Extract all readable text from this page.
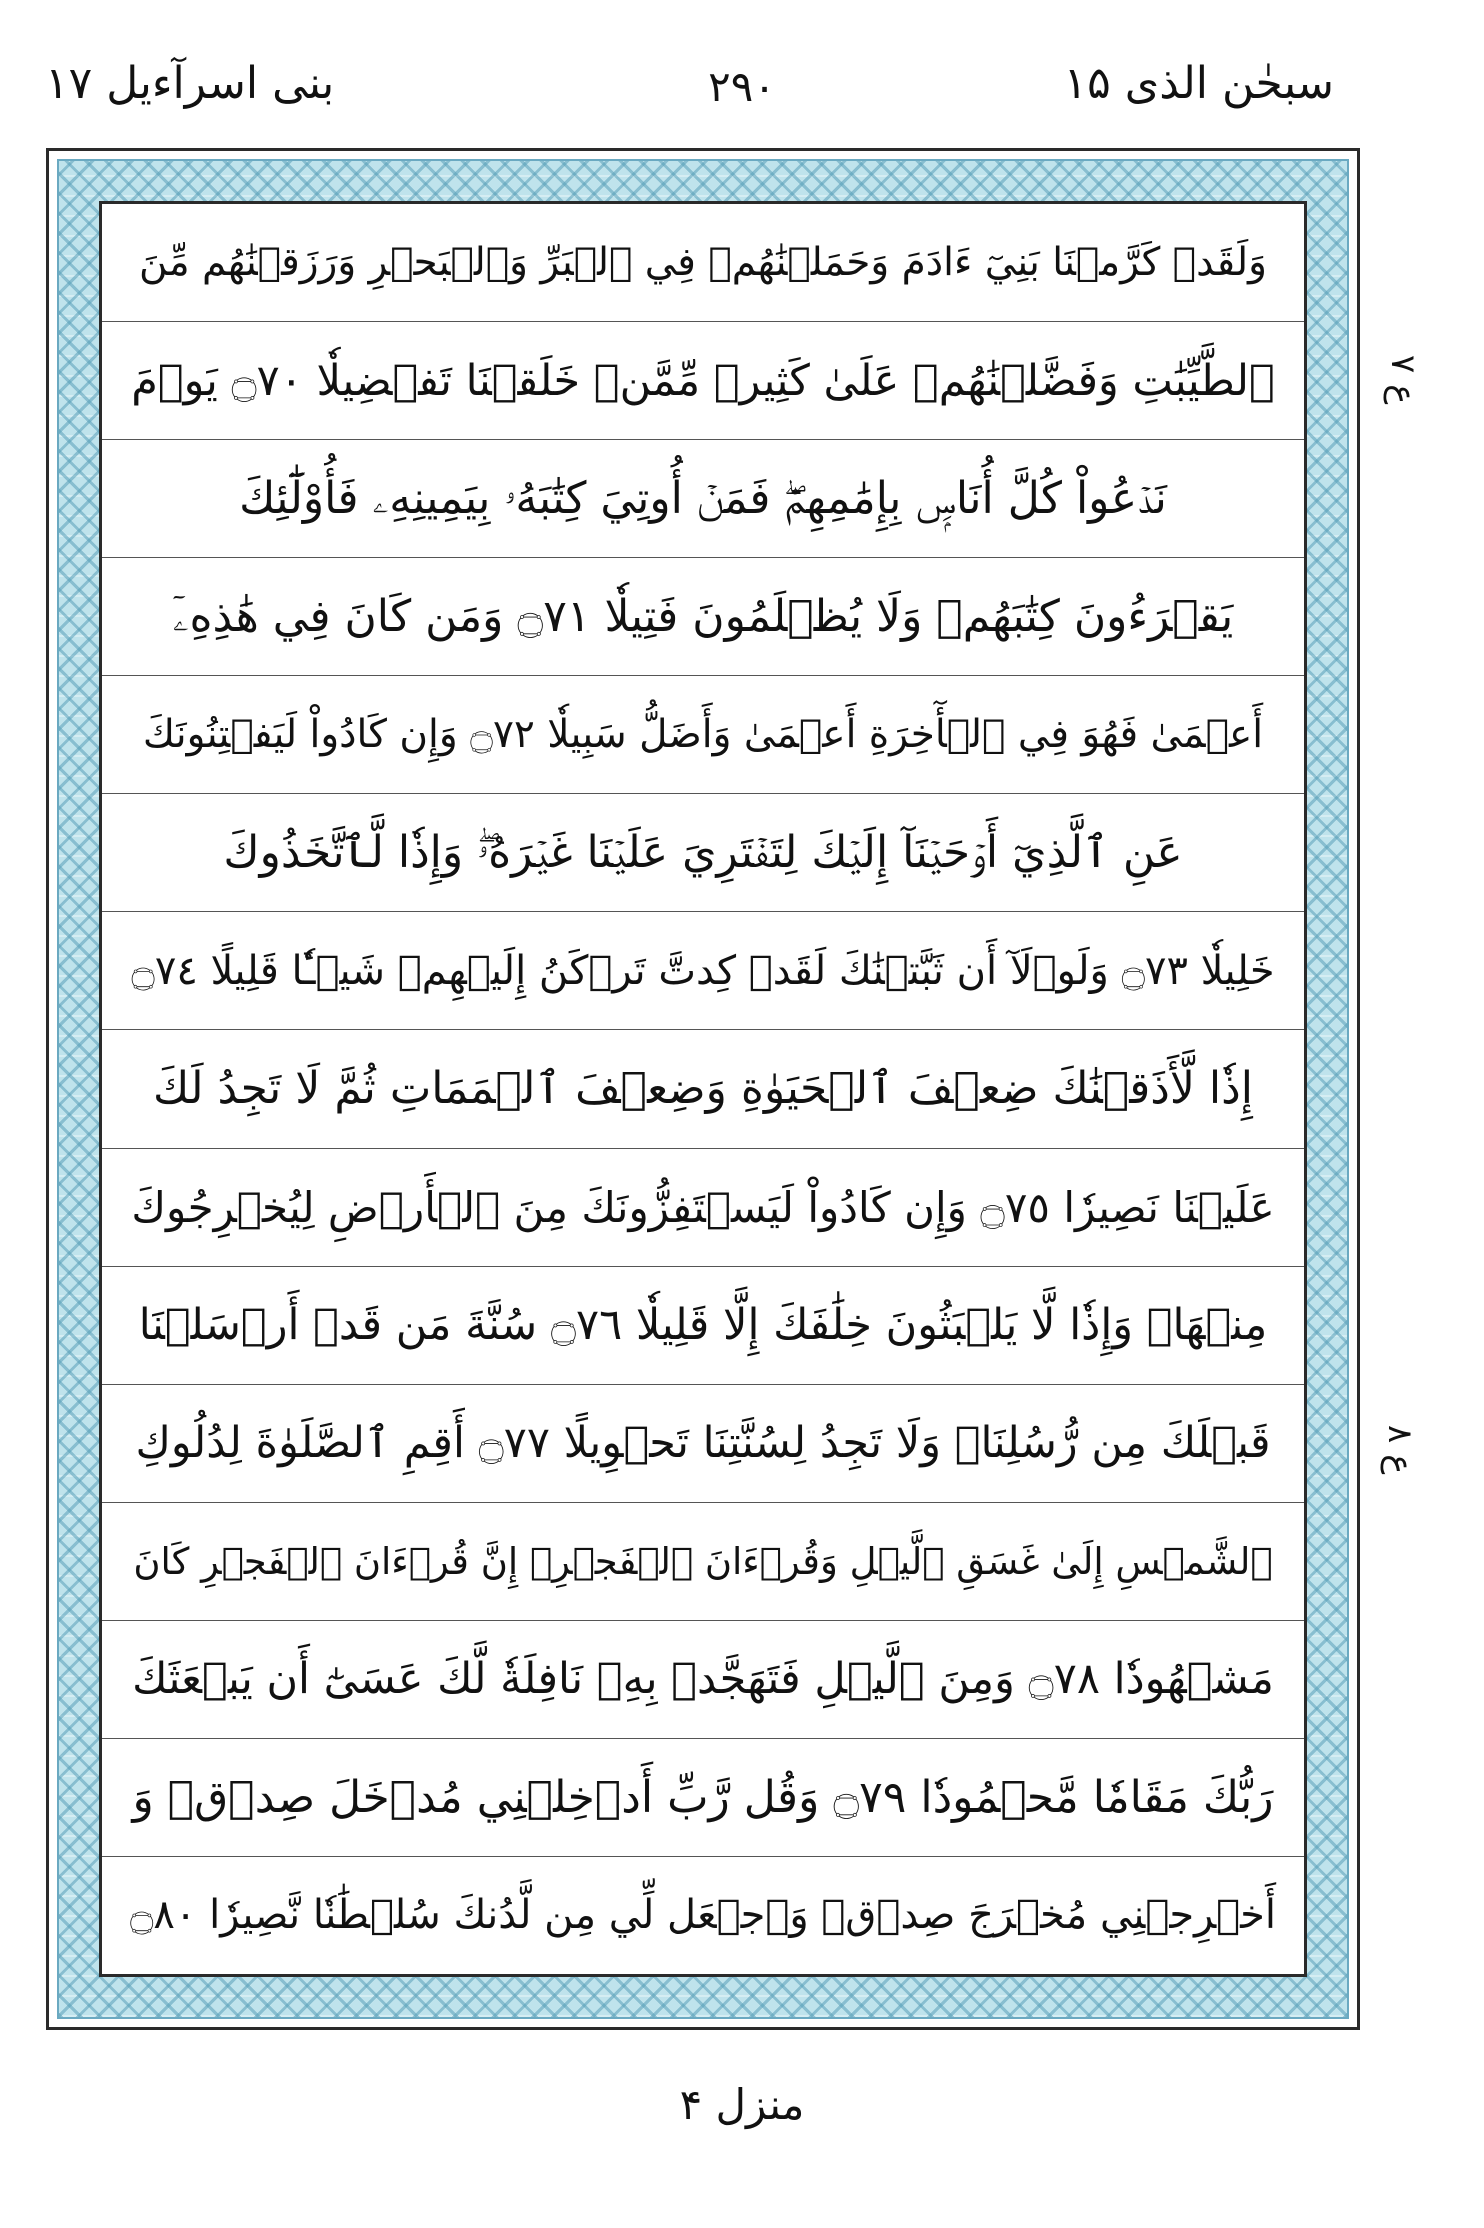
سبحٰن الذی ۱۵
۲۹۰
بنی اسرآءیل ۱۷
وَلَقَدۡ كَرَّمۡنَا بَنِيٓ ءَادَمَ وَحَمَلۡنَٰهُمۡ فِي ٱلۡبَرِّ وَٱلۡبَحۡرِ وَرَزَقۡنَٰهُم مِّنَ
ٱلطَّيِّبَٰتِ وَفَضَّلۡنَٰهُمۡ عَلَىٰ كَثِيرٖ مِّمَّنۡ خَلَقۡنَا تَفۡضِيلٗا ۝٧٠ يَوۡمَ
نَدۡعُواْ كُلَّ أُنَاسِۭ بِإِمَٰمِهِمۡۖ فَمَنۡ أُوتِيَ كِتَٰبَهُۥ بِيَمِينِهِۦ فَأُوْلَٰٓئِكَ
يَقۡرَءُونَ كِتَٰبَهُمۡ وَلَا يُظۡلَمُونَ فَتِيلٗا ۝٧١ وَمَن كَانَ فِي هَٰذِهِۦٓ
أَعۡمَىٰ فَهُوَ فِي ٱلۡأٓخِرَةِ أَعۡمَىٰ وَأَضَلُّ سَبِيلٗا ۝٧٢ وَإِن كَادُواْ لَيَفۡتِنُونَكَ
عَنِ ٱلَّذِيٓ أَوۡحَيۡنَآ إِلَيۡكَ لِتَفۡتَرِيَ عَلَيۡنَا غَيۡرَهُۥۖ وَإِذٗا لَّٱتَّخَذُوكَ
خَلِيلٗا ۝٧٣ وَلَوۡلَآ أَن ثَبَّتۡنَٰكَ لَقَدۡ كِدتَّ تَرۡكَنُ إِلَيۡهِمۡ شَيۡـٔٗا قَلِيلًا ۝٧٤
إِذٗا لَّأَذَقۡنَٰكَ ضِعۡفَ ٱلۡحَيَوٰةِ وَضِعۡفَ ٱلۡمَمَاتِ ثُمَّ لَا تَجِدُ لَكَ
عَلَيۡنَا نَصِيرٗا ۝٧٥ وَإِن كَادُواْ لَيَسۡتَفِزُّونَكَ مِنَ ٱلۡأَرۡضِ لِيُخۡرِجُوكَ
مِنۡهَاۖ وَإِذٗا لَّا يَلۡبَثُونَ خِلَٰفَكَ إِلَّا قَلِيلٗا ۝٧٦ سُنَّةَ مَن قَدۡ أَرۡسَلۡنَا
قَبۡلَكَ مِن رُّسُلِنَاۖ وَلَا تَجِدُ لِسُنَّتِنَا تَحۡوِيلًا ۝٧٧ أَقِمِ ٱلصَّلَوٰةَ لِدُلُوكِ
ٱلشَّمۡسِ إِلَىٰ غَسَقِ ٱلَّيۡلِ وَقُرۡءَانَ ٱلۡفَجۡرِۖ إِنَّ قُرۡءَانَ ٱلۡفَجۡرِ كَانَ
مَشۡهُودٗا ۝٧٨ وَمِنَ ٱلَّيۡلِ فَتَهَجَّدۡ بِهِۦ نَافِلَةٗ لَّكَ عَسَىٰٓ أَن يَبۡعَثَكَ
رَبُّكَ مَقَامٗا مَّحۡمُودٗا ۝٧٩ وَقُل رَّبِّ أَدۡخِلۡنِي مُدۡخَلَ صِدۡقٖ وَ
أَخۡرِجۡنِي مُخۡرَجَ صِدۡقٖ وَٱجۡعَل لِّي مِن لَّدُنكَ سُلۡطَٰنٗا نَّصِيرٗا ۝٨٠
ع ۷
ع ۸
منزل ۴
